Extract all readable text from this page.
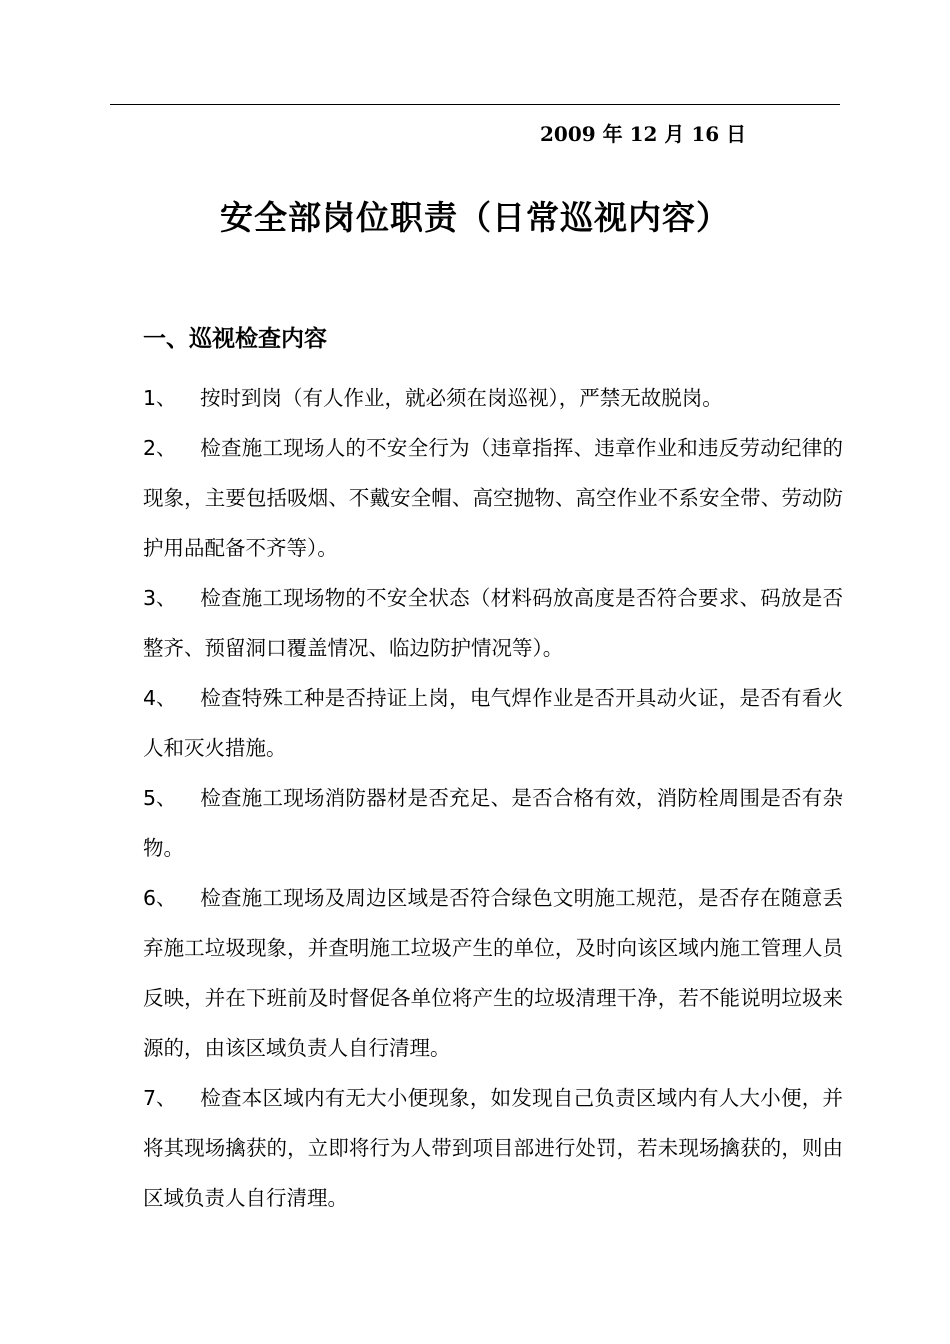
2009 年 12 月 16 日
安全部岗位职责（日常巡视内容）
一、巡视检查内容

1、 按时到岗（有人作业，就必须在岗巡视），严禁无故脱岗。

2、 检查施工现场人的不安全行为（违章指挥、违章作业和违反劳动纪律的现象，主要包括吸烟、不戴安全帽、高空抛物、高空作业不系安全带、劳动防护用品配备不齐等）。

3、 检查施工现场物的不安全状态（材料码放高度是否符合要求、码放是否整齐、预留洞口覆盖情况、临边防护情况等）。

4、 检查特殊工种是否持证上岗，电气焊作业是否开具动火证，是否有看火人和灭火措施。

5、 检查施工现场消防器材是否充足、是否合格有效，消防栓周围是否有杂物。

6、 检查施工现场及周边区域是否符合绿色文明施工规范，是否存在随意丢弃施工垃圾现象，并查明施工垃圾产生的单位，及时向该区域内施工管理人员反映，并在下班前及时督促各单位将产生的垃圾清理干净，若不能说明垃圾来源的，由该区域负责人自行清理。

7、 检查本区域内有无大小便现象，如发现自己负责区域内有人大小便，并将其现场擒获的，立即将行为人带到项目部进行处罚，若未现场擒获的，则由区域负责人自行清理。
